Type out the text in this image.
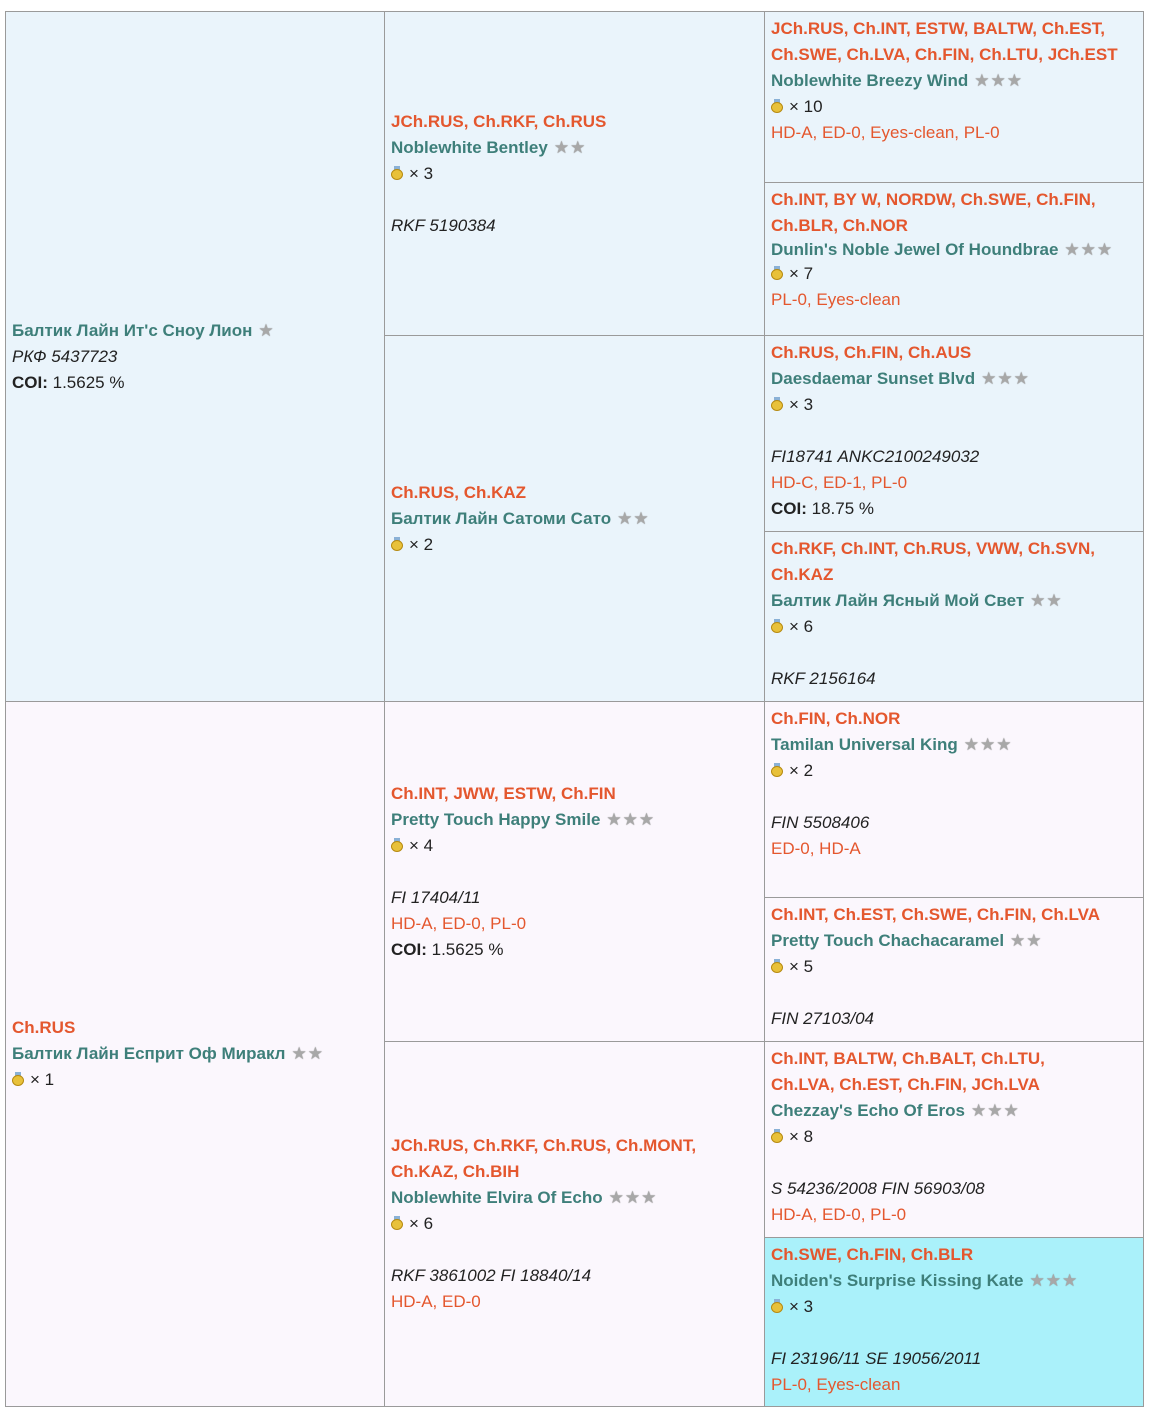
Балтик Лайн Ит'с Сноу Лион ★
РКФ 5437723
COI: 1.5625 %
Ch.RUS
Балтик Лайн Есприт Оф Миракл ★★
× 1
JCh.RUS, Ch.RKF, Ch.RUS
Noblewhite Bentley ★★
× 3
RKF 5190384
Ch.RUS, Ch.KAZ
Балтик Лайн Сатоми Сато ★★
× 2
Ch.INT, JWW, ESTW, Ch.FIN
Pretty Touch Happy Smile ★★★
× 4
FI 17404/11
HD-A, ED-0, PL-0
COI: 1.5625 %
JCh.RUS, Ch.RKF, Ch.RUS, Ch.MONT, Ch.KAZ, Ch.BIH
Noblewhite Elvira Of Echo ★★★
× 6
RKF 3861002 FI 18840/14
HD-A, ED-0
JCh.RUS, Ch.INT, ESTW, BALTW, Ch.EST, Ch.SWE, Ch.LVA, Ch.FIN, Ch.LTU, JCh.EST
Noblewhite Breezy Wind ★★★
× 10
HD-A, ED-0, Eyes-clean, PL-0
Ch.INT, BY W, NORDW, Ch.SWE, Ch.FIN, Ch.BLR, Ch.NOR
Dunlin's Noble Jewel Of Houndbrae ★★★
× 7
PL-0, Eyes-clean
Ch.RUS, Ch.FIN, Ch.AUS
Daesdaemar Sunset Blvd ★★★
× 3
FI18741 ANKC2100249032
HD-C, ED-1, PL-0
COI: 18.75 %
Ch.RKF, Ch.INT, Ch.RUS, VWW, Ch.SVN, Ch.KAZ
Балтик Лайн Ясный Мой Свет ★★
× 6
RKF 2156164
Ch.FIN, Ch.NOR
Tamilan Universal King ★★★
× 2
FIN 5508406
ED-0, HD-A
Ch.INT, Ch.EST, Ch.SWE, Ch.FIN, Ch.LVA
Pretty Touch Chachacaramel ★★
× 5
FIN 27103/04
Ch.INT, BALTW, Ch.BALT, Ch.LTU, Ch.LVA, Ch.EST, Ch.FIN, JCh.LVA
Chezzay's Echo Of Eros ★★★
× 8
S 54236/2008 FIN 56903/08
HD-A, ED-0, PL-0
Ch.SWE, Ch.FIN, Ch.BLR
Noiden's Surprise Kissing Kate ★★★
× 3
FI 23196/11 SE 19056/2011
PL-0, Eyes-clean
